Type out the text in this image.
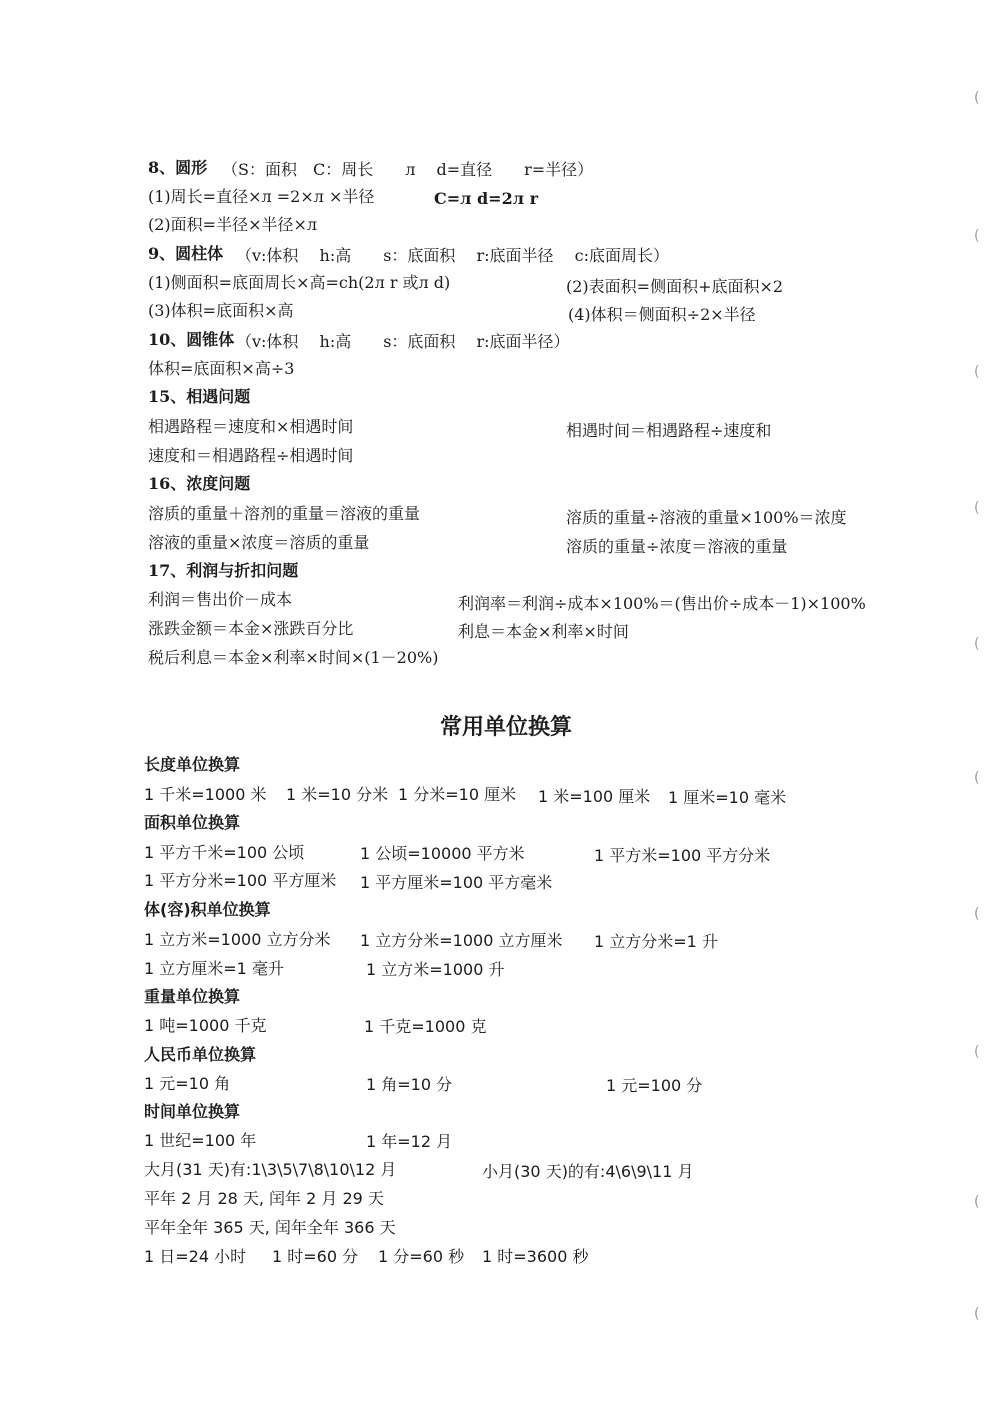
8、圆形 （S：面积　C：周长　　л　 d=直径　　r=半径）
(1)周长=直径×л =2×л ×半径	C=л d=2л r
(2)面积=半径×半径×л
9、圆柱体 （v:体积　 h:高　　s：底面积　 r:底面半径　 c:底面周长）
(1)侧面积=底面周长×高=ch(2л r 或л d)	(2)表面积=侧面积+底面积×2
(3)体积=底面积×高	(4)体积＝侧面积÷2×半径
10、圆锥体 （v:体积　 h:高　　s：底面积　 r:底面半径）
体积=底面积×高÷3
15、相遇问题
相遇路程＝速度和×相遇时间	相遇时间＝相遇路程÷速度和
速度和＝相遇路程÷相遇时间
16、浓度问题
溶质的重量＋溶剂的重量＝溶液的重量	溶质的重量÷溶液的重量×100%＝浓度
溶液的重量×浓度＝溶质的重量	溶质的重量÷浓度＝溶液的重量
17、利润与折扣问题
利润＝售出价－成本	利润率＝利润÷成本×100%＝(售出价÷成本－1)×100%
涨跌金额＝本金×涨跌百分比	利息＝本金×利率×时间
税后利息＝本金×利率×时间×(1－20%)
常用单位换算
长度单位换算
1 千米=1000 米 1 米=10 分米 1 分米=10 厘米 1 米=100 厘米 1 厘米=10 毫米
面积单位换算
1 平方千米=100 公顷	1 公顷=10000 平方米	1 平方米=100 平方分米
1 平方分米=100 平方厘米 1 平方厘米=100 平方毫米
体(容)积单位换算
1 立方米=1000 立方分米 1 立方分米=1000 立方厘米 1 立方分米=1 升
1 立方厘米=1 毫升	1 立方米=1000 升
重量单位换算
1 吨=1000 千克	1 千克=1000 克
人民币单位换算
1 元=10 角	1 角=10 分	1 元=100 分
时间单位换算
1 世纪=100 年	1 年=12 月
大月(31 天)有:1\3\5\7\8\10\12 月	小月(30 天)的有:4\6\9\11 月
平年 2 月 28 天, 闰年 2 月 29 天
平年全年 365 天, 闰年全年 366 天
1 日=24 小时 1 时=60 分 1 分=60 秒 1 时=3600 秒
(
(
(
(
(
(
(
(
(
(
